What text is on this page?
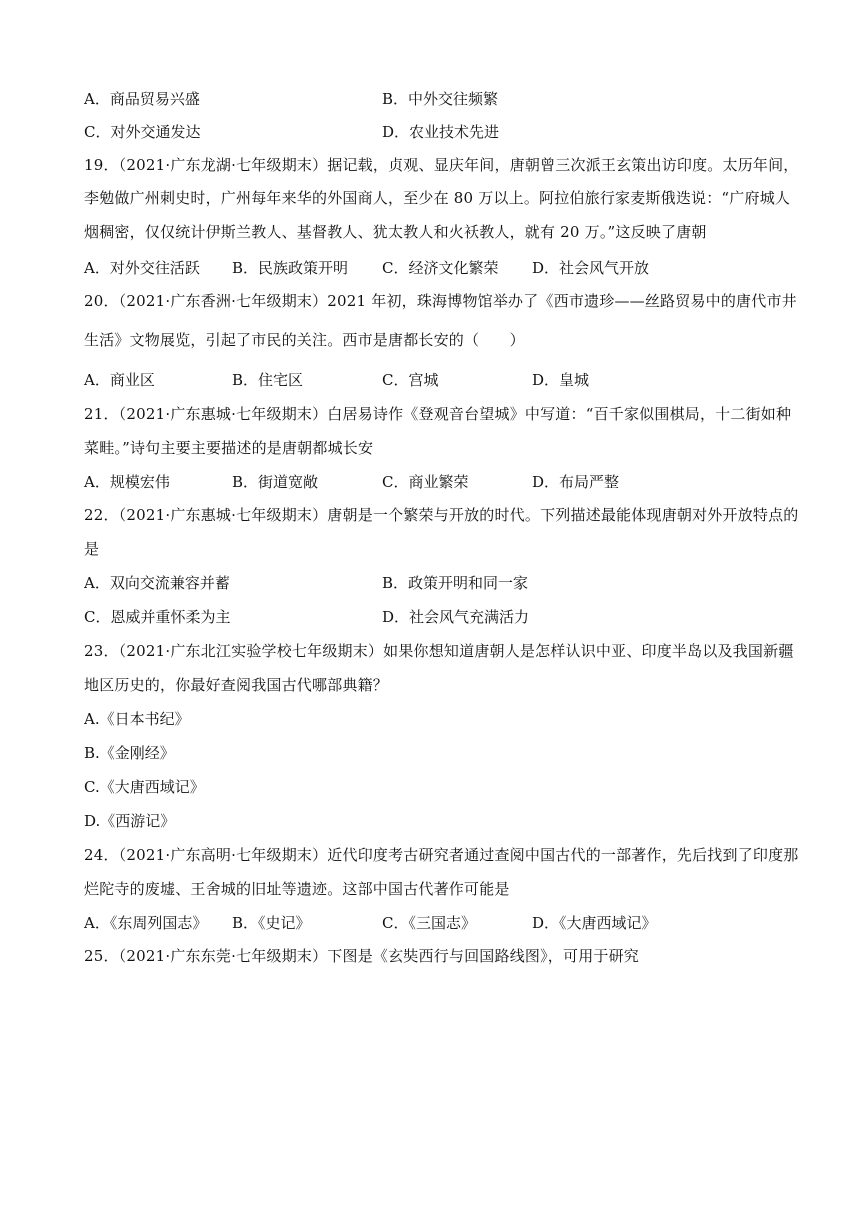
A．商品贸易兴盛	B．中外交往频繁
C．对外交通发达	D．农业技术先进
19．（2021·广东龙湖·七年级期末）据记载，贞观、显庆年间，唐朝曾三次派王玄策出访印度。太历年间，
李勉做广州刺史时，广州每年来华的外国商人，至少在 80 万以上。阿拉伯旅行家麦斯俄迭说：“广府城人
烟稠密，仅仅统计伊斯兰教人、基督教人、犹太教人和火袄教人，就有 20 万。”这反映了唐朝
A．对外交往活跃 B．民族政策开明 C．经济文化繁荣 D．社会风气开放
20．（2021·广东香洲·七年级期末）2021 年初，珠海博物馆举办了《西市遗珍——丝路贸易中的唐代市井
生活》文物展览，引起了市民的关注。西市是唐都长安的（　　）
A．商业区	B．住宅区	C．宫城	D．皇城
21．（2021·广东惠城·七年级期末）白居易诗作《登观音台望城》中写道：“百千家似围棋局，十二街如种
菜畦。”诗句主要主要描述的是唐朝都城长安
A．规模宏伟	B．街道宽敞	C．商业繁荣	D．布局严整
22．（2021·广东惠城·七年级期末）唐朝是一个繁荣与开放的时代。下列描述最能体现唐朝对外开放特点的
是
A．双向交流兼容并蓄	B．政策开明和同一家
C．恩威并重怀柔为主	D．社会风气充满活力
23．（2021·广东北江实验学校七年级期末）如果你想知道唐朝人是怎样认识中亚、印度半岛以及我国新疆
地区历史的，你最好查阅我国古代哪部典籍？
A.《日本书纪》
B.《金刚经》
C.《大唐西域记》
D.《西游记》
24．（2021·广东高明·七年级期末）近代印度考古研究者通过查阅中国古代的一部著作，先后找到了印度那
烂陀寺的废墟、王舍城的旧址等遗迹。这部中国古代著作可能是
A．《东周列国志》 B．《史记》	C．《三国志》	D．《大唐西域记》
25．（2021·广东东莞·七年级期末）下图是《玄奘西行与回国路线图》，可用于研究
